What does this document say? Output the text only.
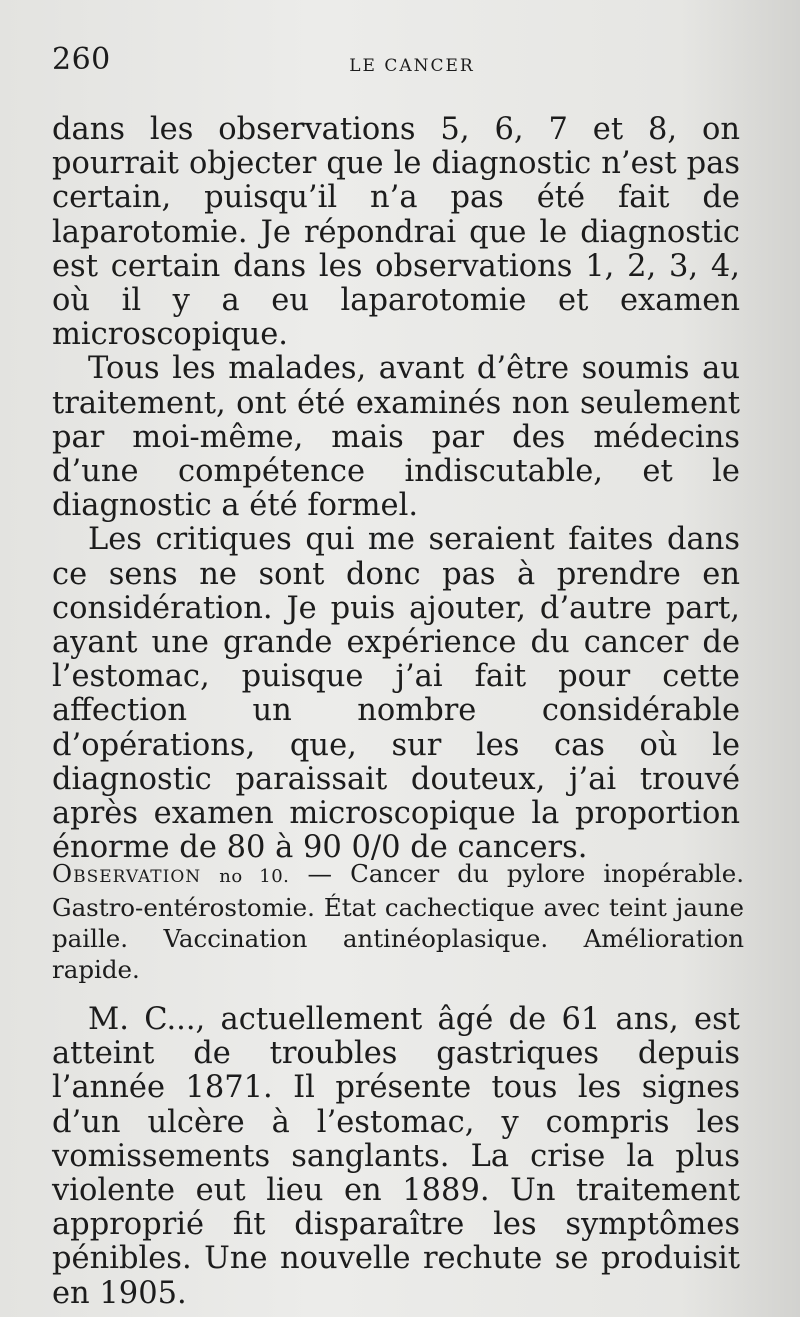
260	LE CANCER

dans les observations 5, 6, 7 et 8, on pourrait objecter que le diagnostic n’est pas certain, puisqu’il n’a pas été fait de laparotomie. Je répondrai que le diagnostic est certain dans les observations 1, 2, 3, 4, où il y a eu laparotomie et examen microscopique.

Tous les malades, avant d’être soumis au traitement, ont été examinés non seulement par moi-même, mais par des médecins d’une compétence indiscutable, et le diagnostic a été formel.

Les critiques qui me seraient faites dans ce sens ne sont donc pas à prendre en considération. Je puis ajouter, d’autre part, ayant une grande expérience du cancer de l’estomac, puisque j’ai fait pour cette affection un nombre considérable d’opérations, que, sur les cas où le diagnostic paraissait douteux, j’ai trouvé après examen microscopique la proportion énorme de 80 à 90 0/0 de cancers.

Observation no 10. — Cancer du pylore inopérable. Gastro-entérostomie. État cachectique avec teint jaune paille. Vaccination antinéoplasique. Amélioration rapide.

M. C..., actuellement âgé de 61 ans, est atteint de troubles gastriques depuis l’année 1871. Il présente tous les signes d’un ulcère à l’estomac, y compris les vomissements sanglants. La crise la plus violente eut lieu en 1889. Un traitement approprié fit disparaître les symptômes pénibles. Une nouvelle rechute se produisit en 1905.
